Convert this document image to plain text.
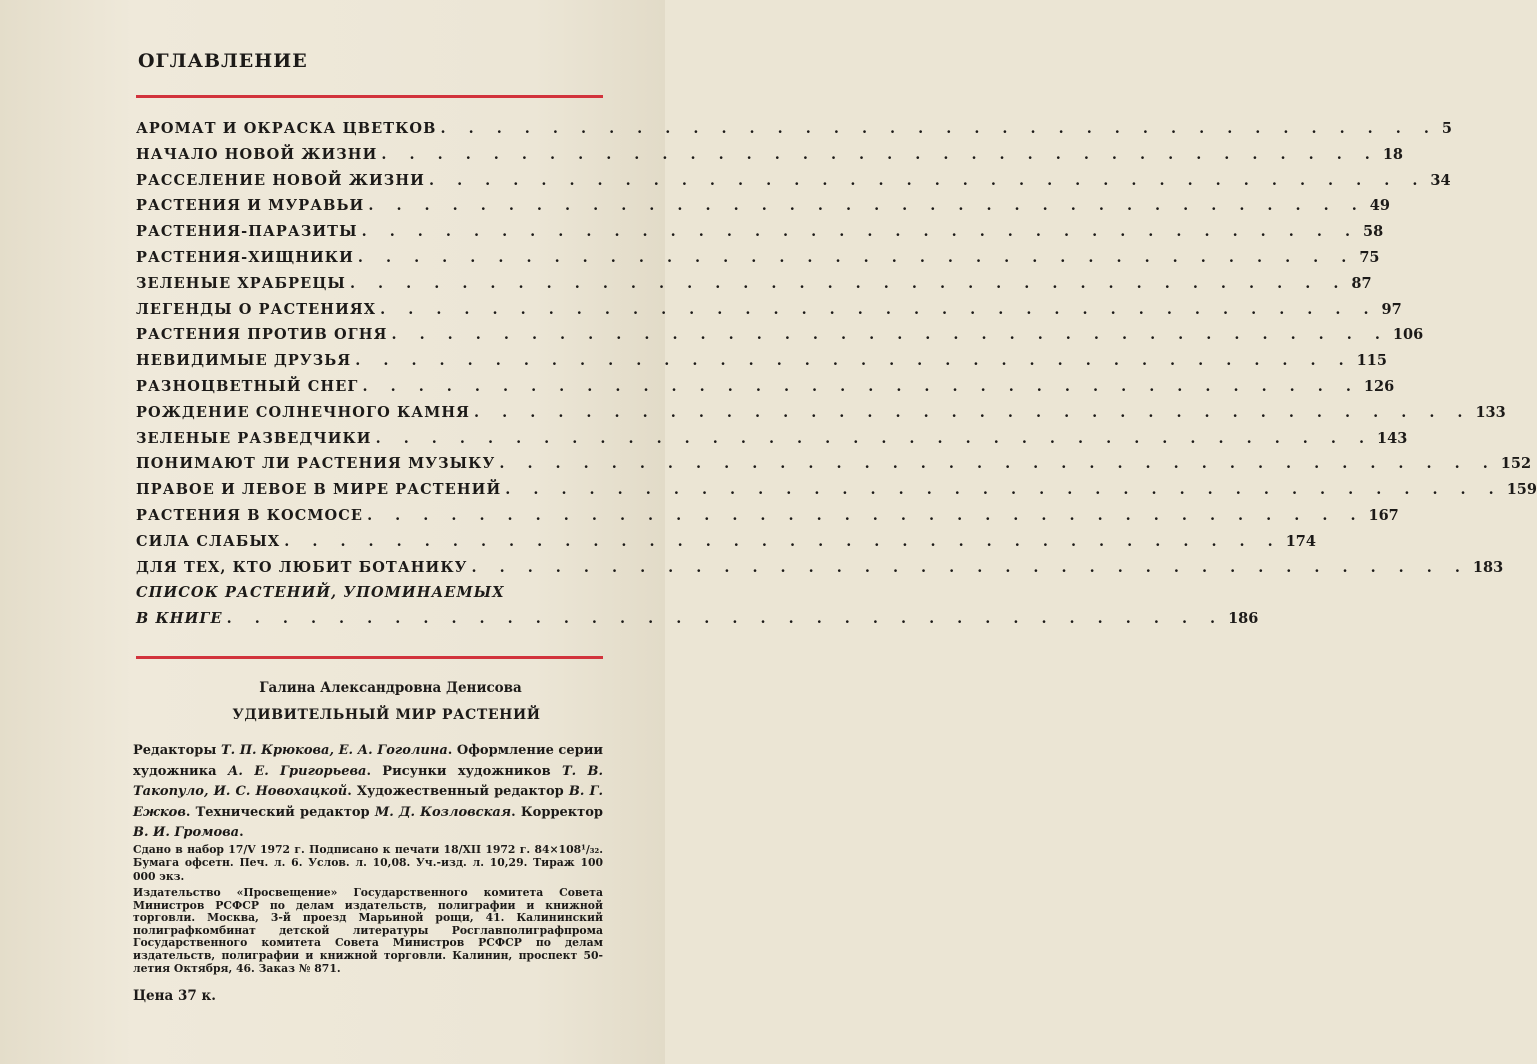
ОГЛАВЛЕНИЕ
АРОМАТ И ОКРАСКА ЦВЕТКОВ . . . . . . . . . . . . . . . . . . . . . . . . . . . . . . . . . . . . 5
НАЧАЛО НОВОЙ ЖИЗНИ . . . . . . . . . . . . . . . . . . . . . . . . . . . . . . . . . . . . 18
РАССЕЛЕНИЕ НОВОЙ ЖИЗНИ . . . . . . . . . . . . . . . . . . . . . . . . . . . . . . . . . . . . 34
РАСТЕНИЯ И МУРАВЬИ . . . . . . . . . . . . . . . . . . . . . . . . . . . . . . . . . . . . 49
РАСТЕНИЯ-ПАРАЗИТЫ . . . . . . . . . . . . . . . . . . . . . . . . . . . . . . . . . . . . 58
РАСТЕНИЯ-ХИЩНИКИ . . . . . . . . . . . . . . . . . . . . . . . . . . . . . . . . . . . . 75
ЗЕЛЕНЫЕ ХРАБРЕЦЫ . . . . . . . . . . . . . . . . . . . . . . . . . . . . . . . . . . . . 87
ЛЕГЕНДЫ О РАСТЕНИЯХ . . . . . . . . . . . . . . . . . . . . . . . . . . . . . . . . . . . . 97
РАСТЕНИЯ ПРОТИВ ОГНЯ . . . . . . . . . . . . . . . . . . . . . . . . . . . . . . . . . . . . 106
НЕВИДИМЫЕ ДРУЗЬЯ . . . . . . . . . . . . . . . . . . . . . . . . . . . . . . . . . . . . 115
РАЗНОЦВЕТНЫЙ СНЕГ . . . . . . . . . . . . . . . . . . . . . . . . . . . . . . . . . . . . 126
РОЖДЕНИЕ СОЛНЕЧНОГО КАМНЯ . . . . . . . . . . . . . . . . . . . . . . . . . . . . . . . . . . . . 133
ЗЕЛЕНЫЕ РАЗВЕДЧИКИ . . . . . . . . . . . . . . . . . . . . . . . . . . . . . . . . . . . . 143
ПОНИМАЮТ ЛИ РАСТЕНИЯ МУЗЫКУ . . . . . . . . . . . . . . . . . . . . . . . . . . . . . . . . . . . . 152
ПРАВОЕ И ЛЕВОЕ В МИРЕ РАСТЕНИЙ . . . . . . . . . . . . . . . . . . . . . . . . . . . . . . . . . . . . 159
РАСТЕНИЯ В КОСМОСЕ . . . . . . . . . . . . . . . . . . . . . . . . . . . . . . . . . . . . 167
СИЛА СЛАБЫХ . . . . . . . . . . . . . . . . . . . . . . . . . . . . . . . . . . . . 174
ДЛЯ ТЕХ, КТО ЛЮБИТ БОТАНИКУ . . . . . . . . . . . . . . . . . . . . . . . . . . . . . . . . . . . . 183
СПИСОК РАСТЕНИЙ, УПОМИНАЕМЫХ
В КНИГЕ . . . . . . . . . . . . . . . . . . . . . . . . . . . . . . . . . . . . 186
Галина Александровна Денисова
УДИВИТЕЛЬНЫЙ МИР РАСТЕНИЙ
Редакторы Т. П. Крюкова, Е. А. Гоголина. Оформление серии художника А. Е. Григорьева. Рисунки художников Т. В. Такопуло, И. С. Новохацкой. Художественный редактор В. Г. Ежков. Технический редактор М. Д. Козловская. Корректор В. И. Громова.
Сдано в набор 17/V 1972 г. Подписано к печати 18/XII 1972 г. 84×108¹/₃₂. Бумага офсетн. Печ. л. 6. Услов. л. 10,08. Уч.-изд. л. 10,29. Тираж 100 000 экз.
Издательство «Просвещение» Государственного комитета Совета Министров РСФСР по делам издательств, полиграфии и книжной торговли. Москва, 3-й проезд Марьиной рощи, 41. Калининский полиграфкомбинат детской литературы Росглавполиграфпрома Государственного комитета Совета Министров РСФСР по делам издательств, полиграфии и книжной торговли. Калинин, проспект 50-летия Октября, 46. Заказ № 871.
Цена 37 к.
